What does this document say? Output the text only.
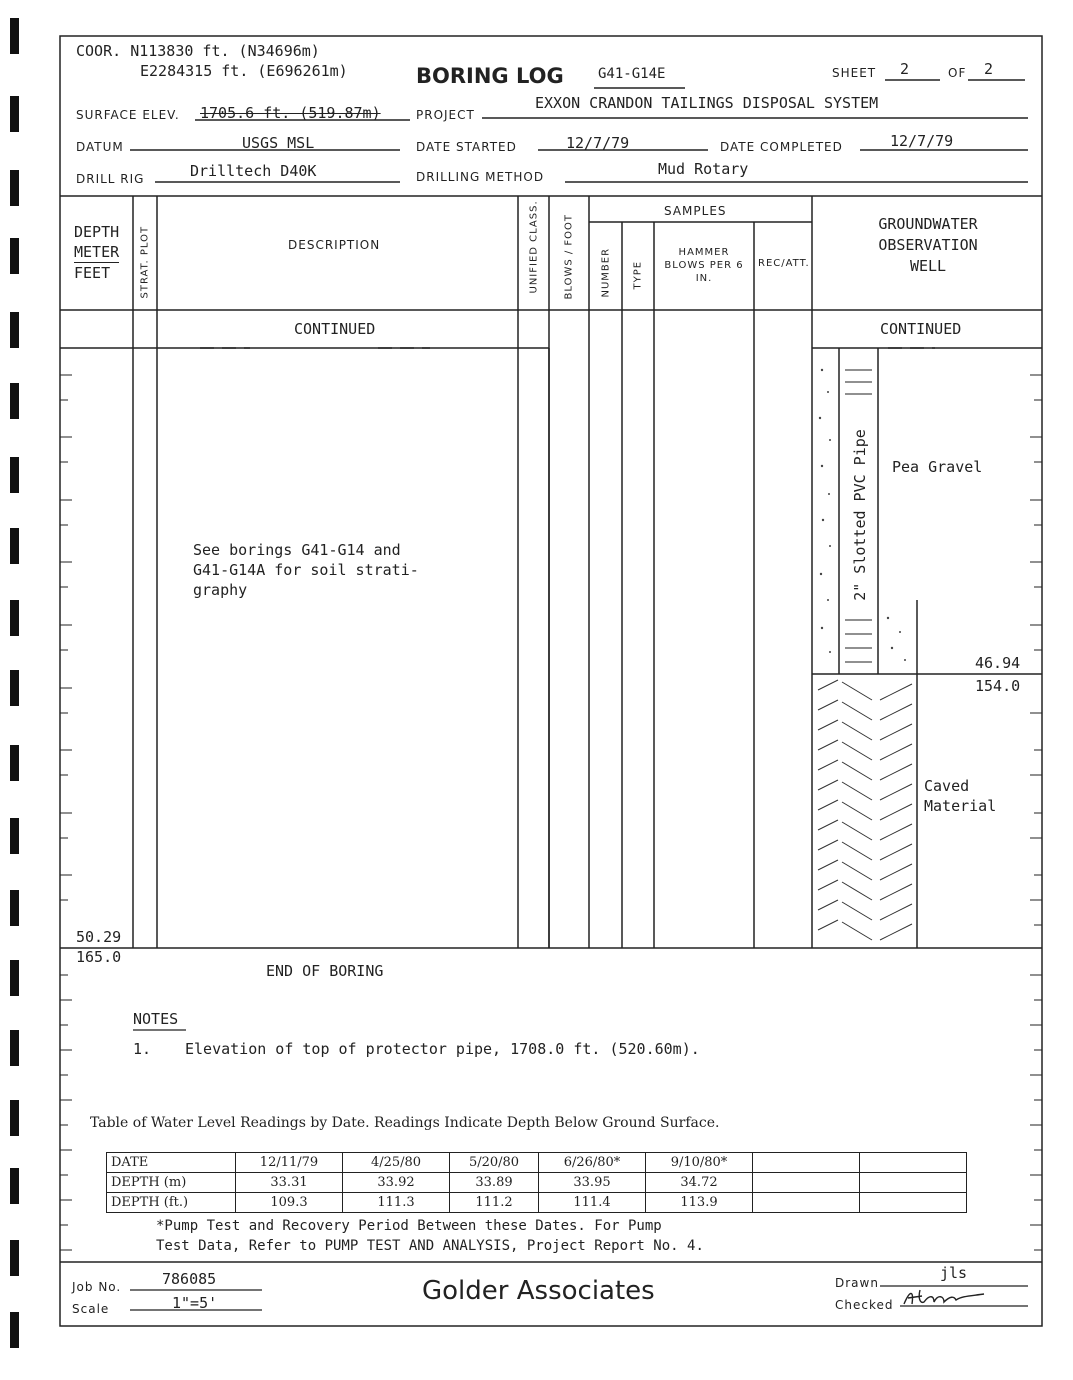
COOR. N113830 ft. (N34696m)
E2284315 ft. (E696261m)	BORING LOG G41-G14E	SHEET 2	OF 2
SURFACE ELEV. 1705.6 ft. (519.87m)	PROJECT
EXXON CRANDON TAILINGS DISPOSAL SYSTEM
DATUM	USGS MSL	DATE STARTED	12/7/79	DATE COMPLETED	12/7/79
DRILL RIG	Drilltech D40K	DRILLING METHOD	Mud Rotary
DEPTH
METER
FEET	STRAT. PLOT	DESCRIPTION	UNIFIED CLASS. BLOWS / FOOT
SAMPLES
NUMBER TYPE
HAMMER BLOWS PER 6 IN.
REC/ATT.
GROUNDWATER OBSERVATION WELL
CONTINUED	CONTINUED
See borings G41-G14 and
G41-G14A for soil strati-
graphy	2" Slotted PVC Pipe Pea Gravel
Caved
Material
46.94
154.0
50.29
165.0
END OF BORING
NOTES
1. Elevation of top of protector pipe, 1708.0 ft. (520.60m).
Table of Water Level Readings by Date. Readings Indicate Depth Below Ground Surface.
DATE	12/11/79	4/25/80	5/20/80	6/26/80*	9/10/80*		
DEPTH (m)	33.31	33.92	33.89	33.95	34.72		
DEPTH (ft.)	109.3	111.3	111.2	111.4	113.9		
*Pump Test and Recovery Period Between these Dates. For Pump
Test Data, Refer to PUMP TEST AND ANALYSIS, Project Report No. 4.
Job No.	786085
Scale	1"=5'	Golder Associates	Drawn
jls
Checked
